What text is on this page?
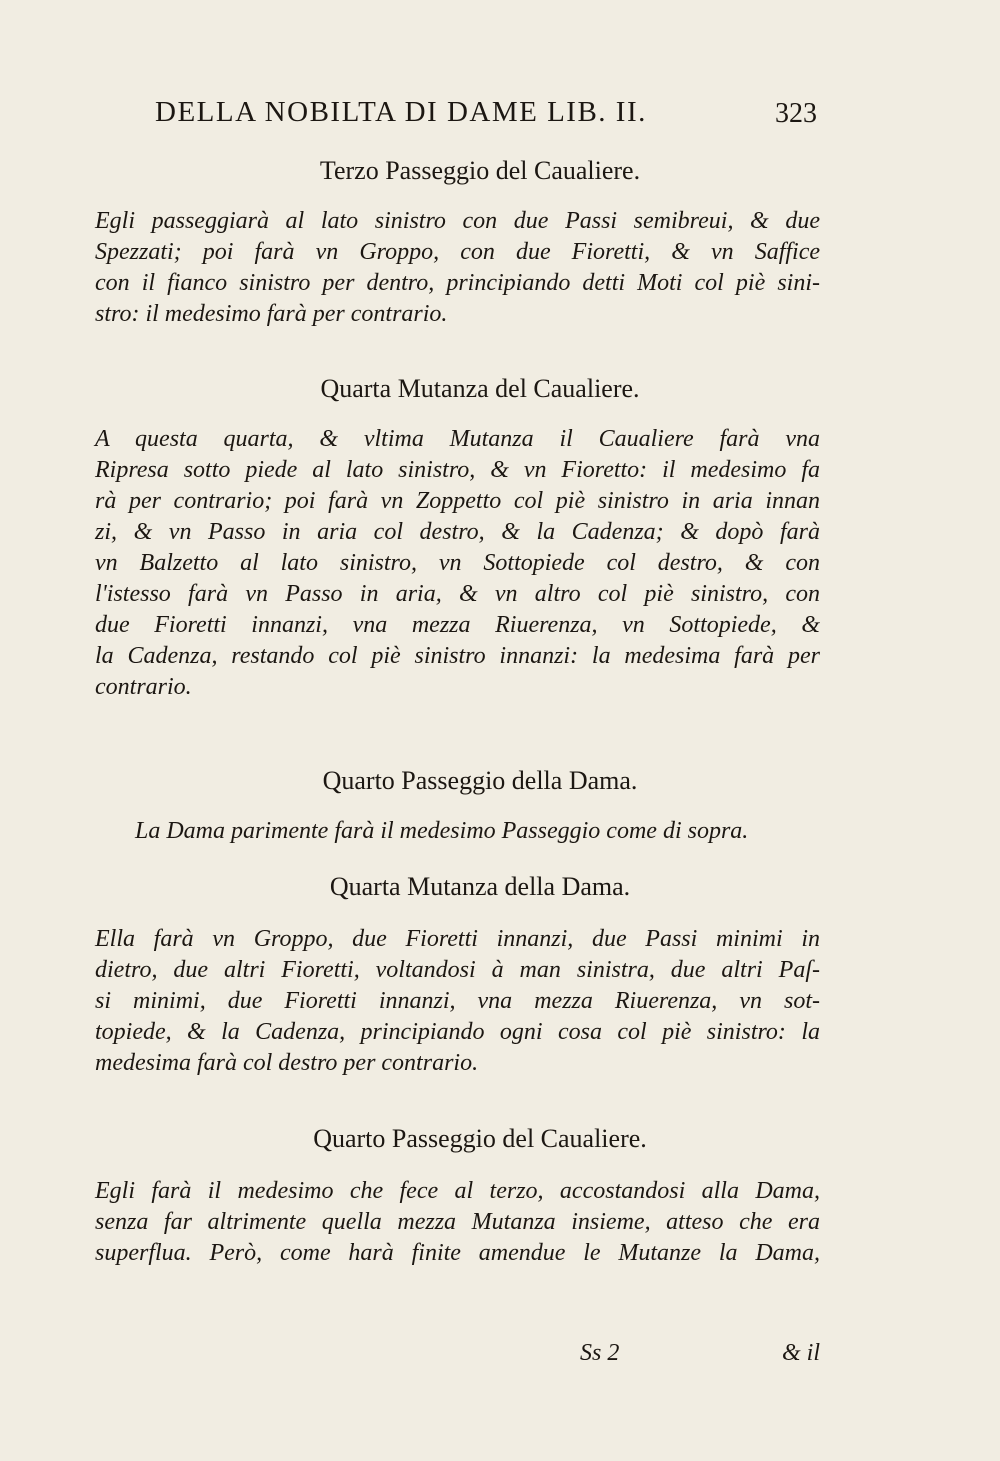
DELLA NOBILTA DI DAME LIB. II.	323
Terzo Passeggio del Caualiere.
Egli passeggiarà al lato sinistro con due Passi semibreui, & due
Spezzati; poi farà vn Groppo, con due Fioretti, & vn Saffice
con il fianco sinistro per dentro, principiando detti Moti col piè sini-
stro: il medesimo farà per contrario.
Quarta Mutanza del Caualiere.
A questa quarta, & vltima Mutanza il Caualiere farà vna
Ripresa sotto piede al lato sinistro, & vn Fioretto: il medesimo fa
rà per contrario; poi farà vn Zoppetto col piè sinistro in aria innan
zi, & vn Passo in aria col destro, & la Cadenza; & dopò farà
vn Balzetto al lato sinistro, vn Sottopiede col destro, & con
l'istesso farà vn Passo in aria, & vn altro col piè sinistro, con
due Fioretti innanzi, vna mezza Riuerenza, vn Sottopiede, &
la Cadenza, restando col piè sinistro innanzi: la medesima farà per
contrario.
Quarto Passeggio della Dama.
La Dama parimente farà il medesimo Passeggio come di sopra.
Quarta Mutanza della Dama.
Ella farà vn Groppo, due Fioretti innanzi, due Passi minimi in
dietro, due altri Fioretti, voltandosi à man sinistra, due altri Paſ-
si minimi, due Fioretti innanzi, vna mezza Riuerenza, vn sot-
topiede, & la Cadenza, principiando ogni cosa col piè sinistro: la
medesima farà col destro per contrario.
Quarto Passeggio del Caualiere.
Egli farà il medesimo che fece al terzo, accostandosi alla Dama,
senza far altrimente quella mezza Mutanza insieme, atteso che era
superflua. Però, come harà finite amendue le Mutanze la Dama,
Ss 2	& il
